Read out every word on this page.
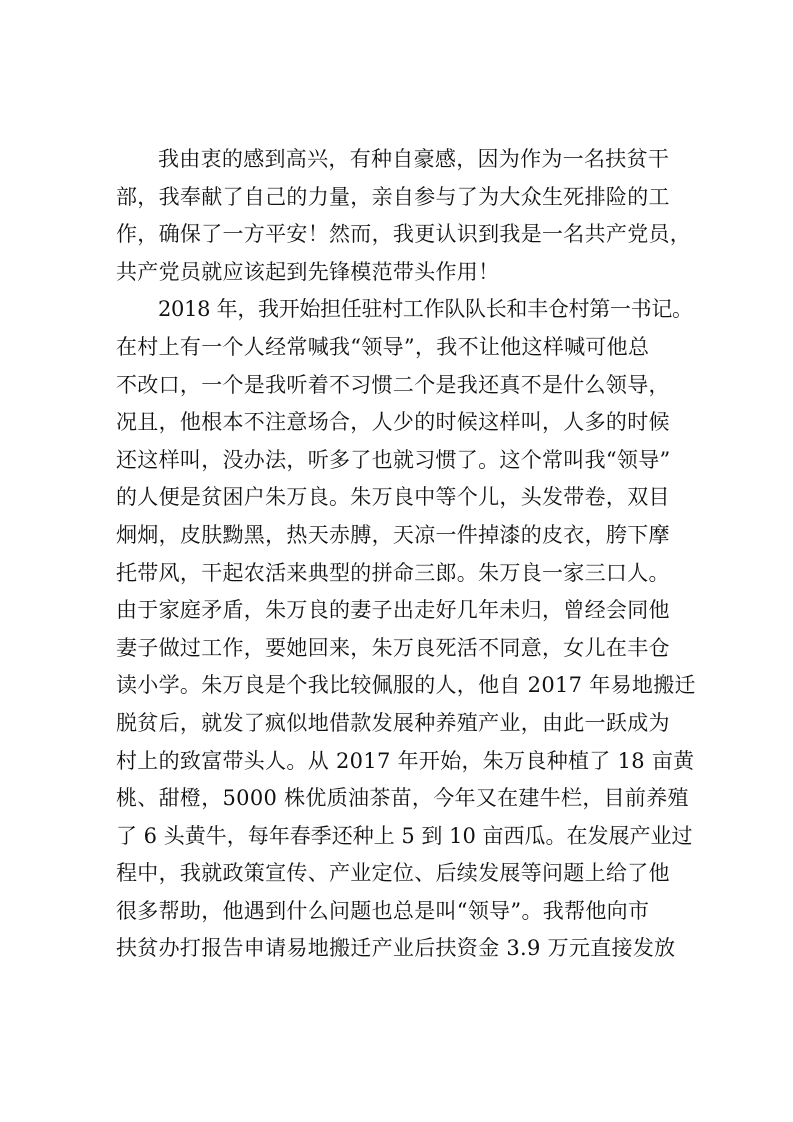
我由衷的感到高兴，有种自豪感，因为作为一名扶贫干
部，我奉献了自己的力量，亲自参与了为大众生死排险的工
作，确保了一方平安！然而，我更认识到我是一名共产党员，
共产党员就应该起到先锋模范带头作用！
2018 年，我开始担任驻村工作队队长和丰仓村第一书记。
在村上有一个人经常喊我“领导”，我不让他这样喊可他总
不改口，一个是我听着不习惯二个是我还真不是什么领导，
况且，他根本不注意场合，人少的时候这样叫，人多的时候
还这样叫，没办法，听多了也就习惯了。这个常叫我“领导”
的人便是贫困户朱万良。朱万良中等个儿，头发带卷，双目
炯炯，皮肤黝黑，热天赤膊，天凉一件掉漆的皮衣，胯下摩
托带风，干起农活来典型的拼命三郎。朱万良一家三口人。
由于家庭矛盾，朱万良的妻子出走好几年未归，曾经会同他
妻子做过工作，要她回来，朱万良死活不同意，女儿在丰仓
读小学。朱万良是个我比较佩服的人，他自 2017 年易地搬迁
脱贫后，就发了疯似地借款发展种养殖产业，由此一跃成为
村上的致富带头人。从 2017 年开始，朱万良种植了 18 亩黄
桃、甜橙，5000 株优质油茶苗，今年又在建牛栏，目前养殖
了 6 头黄牛，每年春季还种上 5 到 10 亩西瓜。在发展产业过
程中，我就政策宣传、产业定位、后续发展等问题上给了他
很多帮助，他遇到什么问题也总是叫“领导”。我帮他向市
扶贫办打报告申请易地搬迁产业后扶资金 3.9 万元直接发放
